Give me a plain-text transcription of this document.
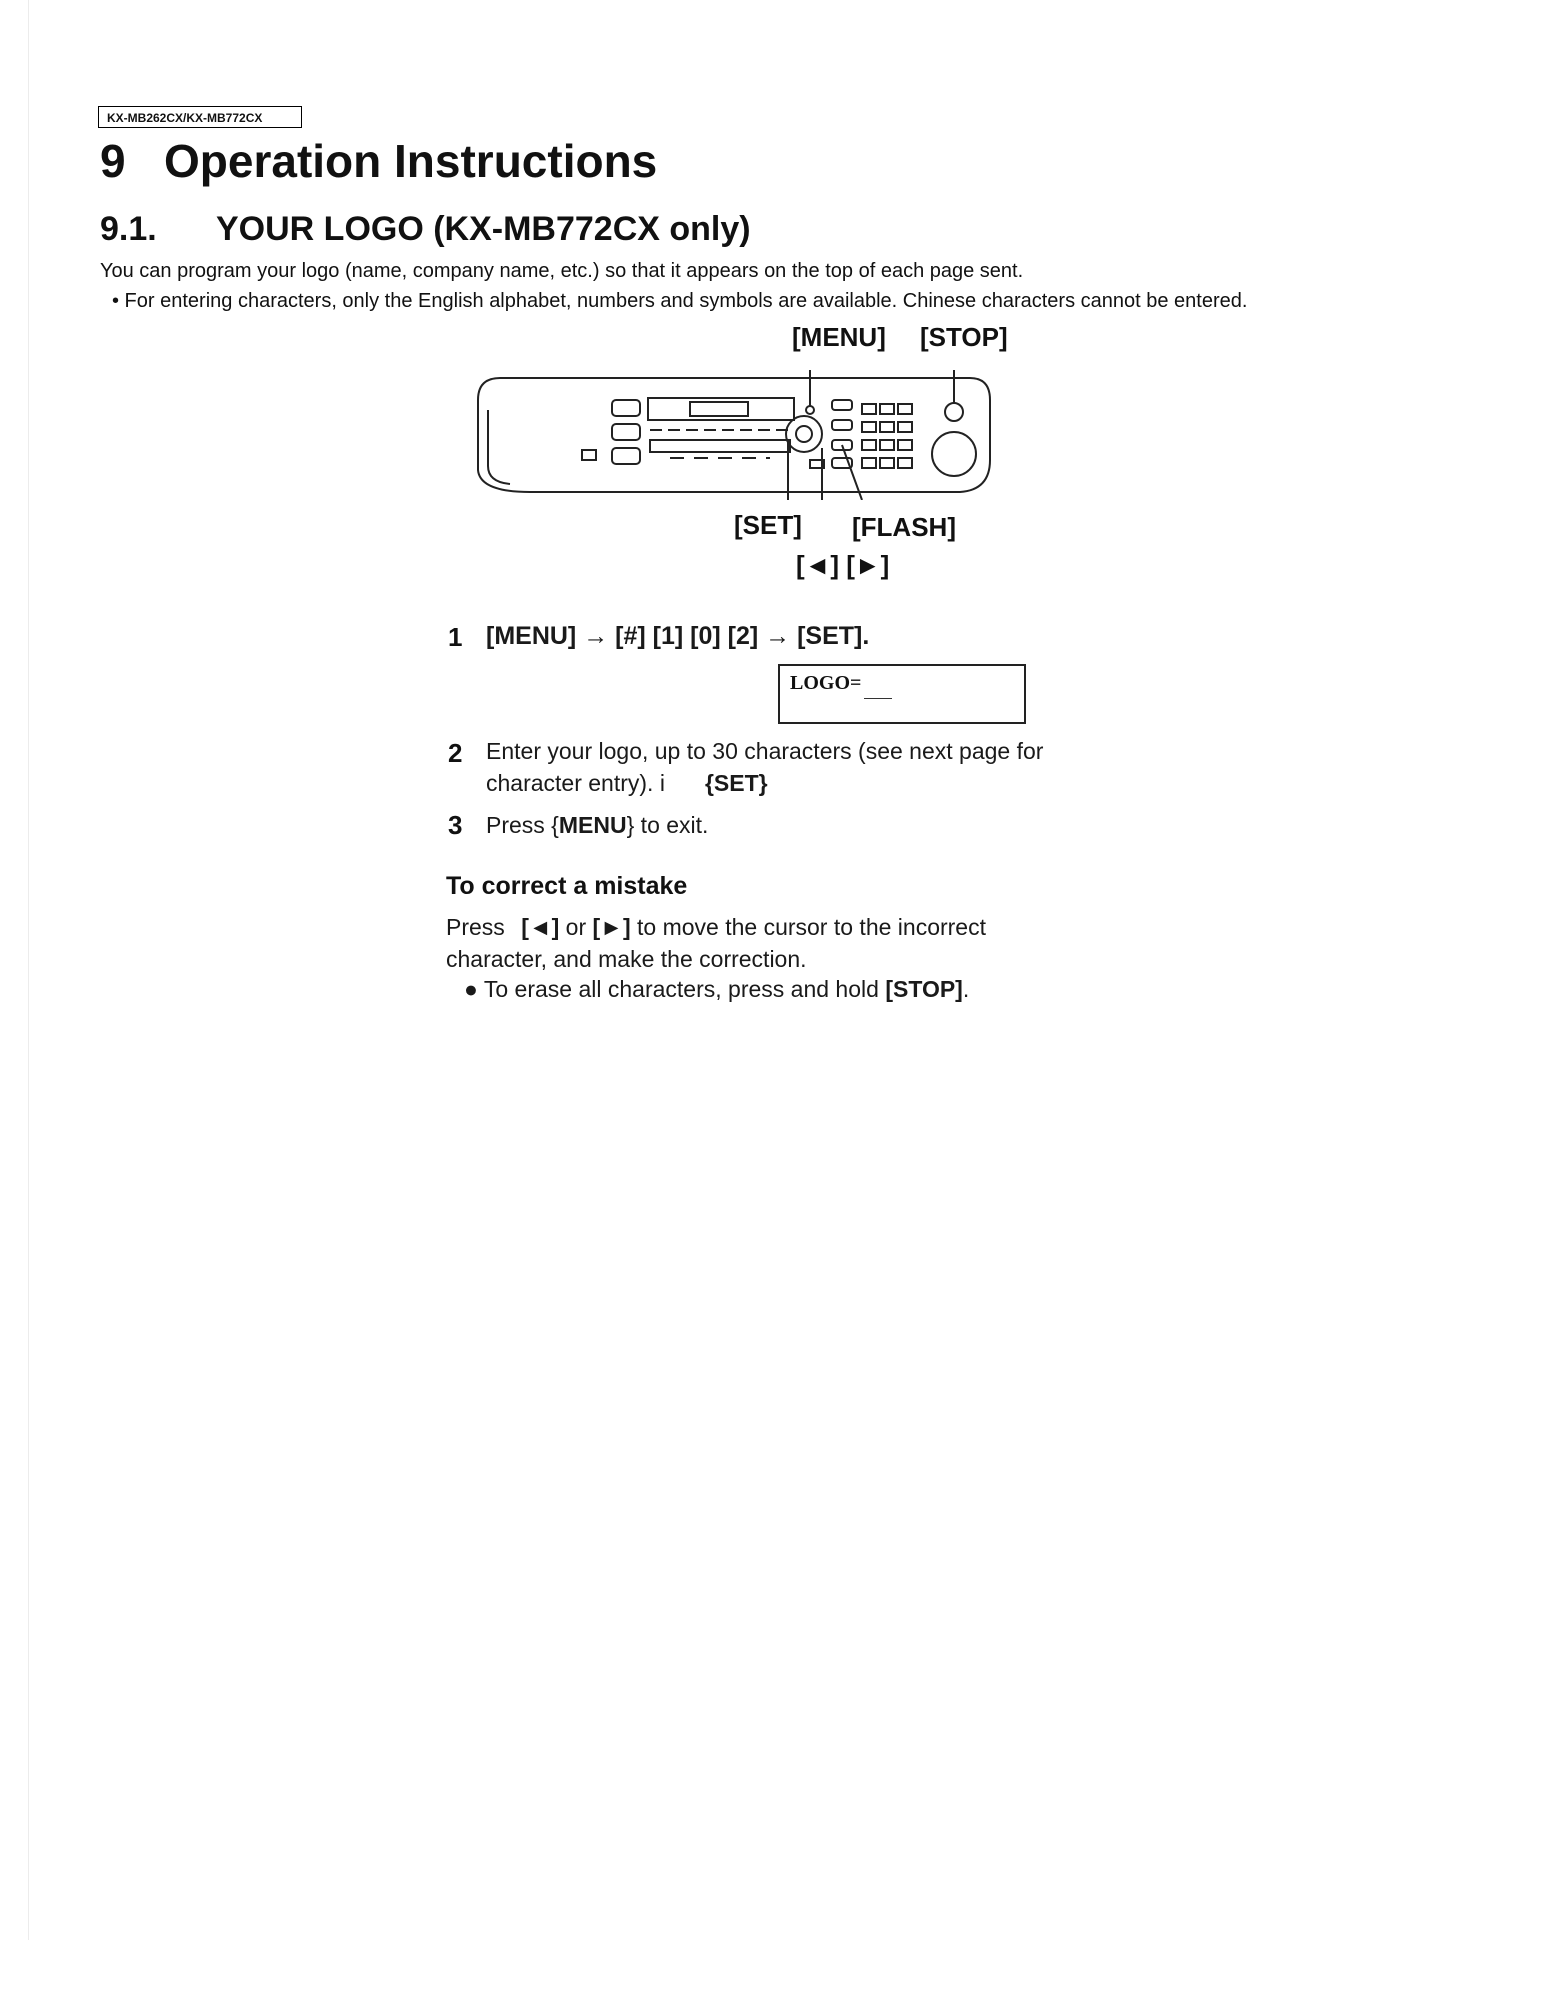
KX-MB262CX/KX-MB772CX
9 Operation Instructions
9.1. YOUR LOGO (KX-MB772CX only)
You can program your logo (name, company name, etc.) so that it appears on the top of each page sent.
• For entering characters, only the English alphabet, numbers and symbols are available. Chinese characters cannot be entered.
[MENU] [STOP]
[SET] [FLASH]
[◄] [►]
1 [MENU] → [#] [1] [0] [2] → [SET].
LOGO=
2 Enter your logo, up to 30 characters (see next page for
character entry). i {SET}
3 Press {MENU} to exit.
To correct a mistake
Press [◄] or [►] to move the cursor to the incorrect
character, and make the correction.
● To erase all characters, press and hold [STOP].
